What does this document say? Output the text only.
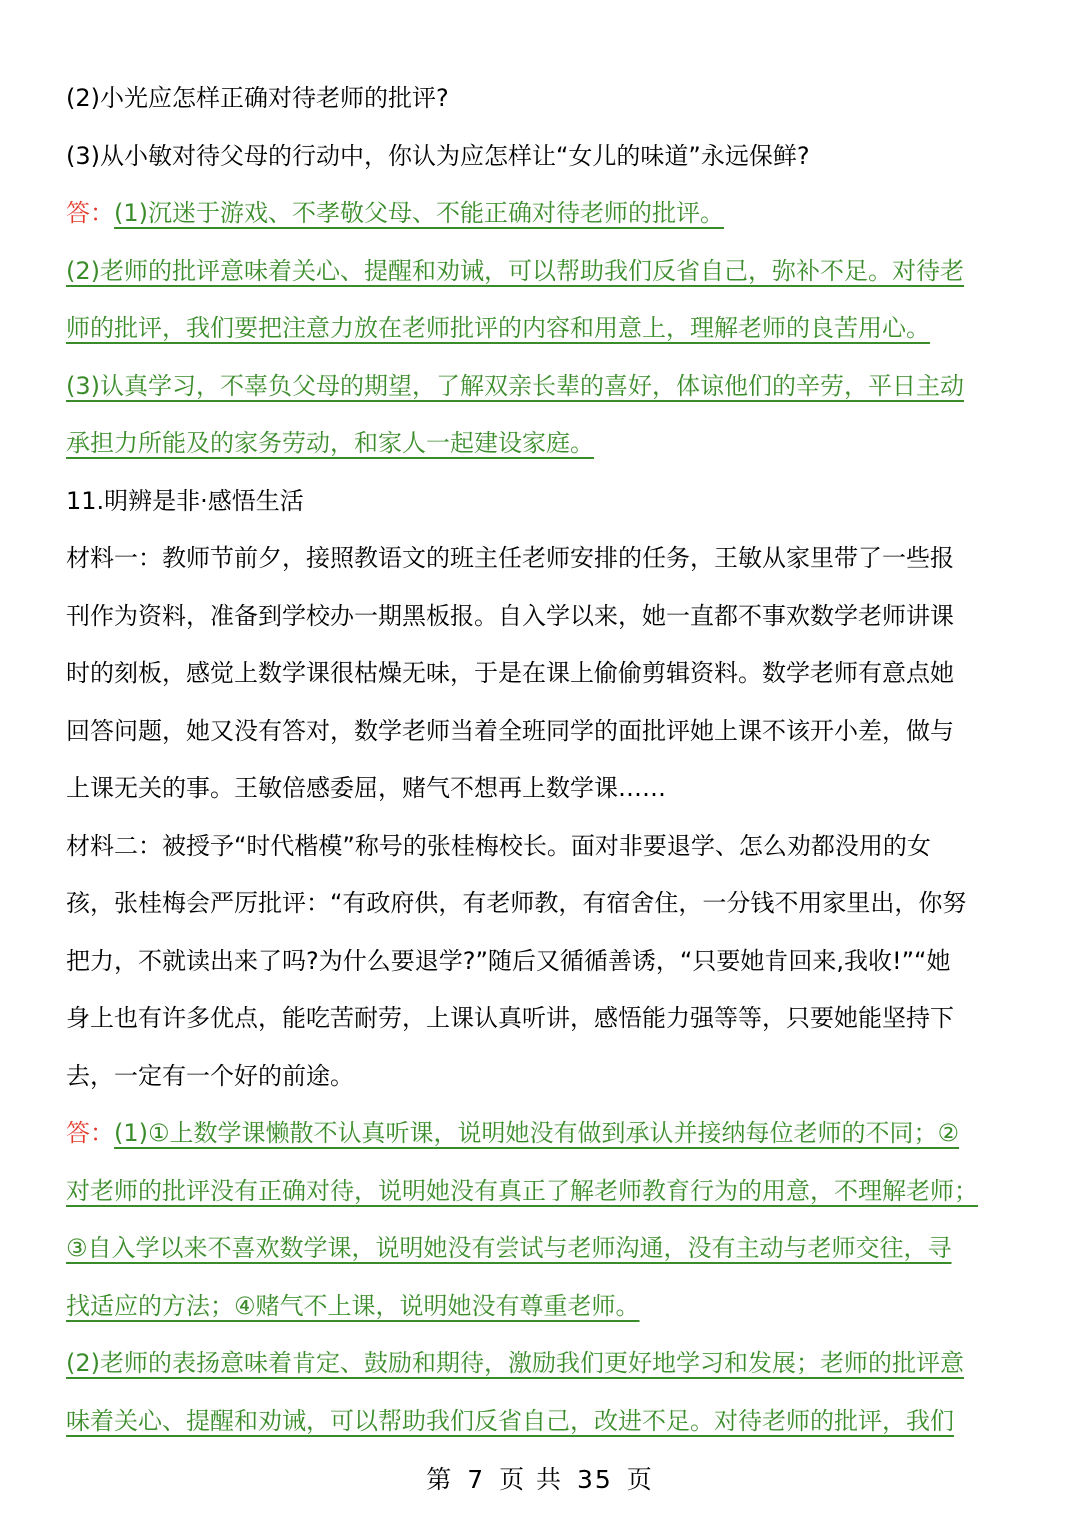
(2)小光应怎样正确对待老师的批评?
(3)从小敏对待父母的行动中，你认为应怎样让“女儿的味道”永远保鲜?
答：(1)沉迷于游戏、不孝敬父母、不能正确对待老师的批评。
(2)老师的批评意味着关心、提醒和劝诫，可以帮助我们反省自己，弥补不足。对待老
师的批评，我们要把注意力放在老师批评的内容和用意上，理解老师的良苦用心。
(3)认真学习，不辜负父母的期望，了解双亲长辈的喜好，体谅他们的辛劳，平日主动
承担力所能及的家务劳动，和家人一起建设家庭。
11.明辨是非·感悟生活
材料一：教师节前夕，接照教语文的班主任老师安排的任务，王敏从家里带了一些报
刊作为资料，准备到学校办一期黑板报。自入学以来，她一直都不事欢数学老师讲课
时的刻板，感觉上数学课很枯燥无味，于是在课上偷偷剪辑资料。数学老师有意点她
回答问题，她又没有答对，数学老师当着全班同学的面批评她上课不该开小差，做与
上课无关的事。王敏倍感委屈，赌气不想再上数学课……
材料二：被授予“时代楷模”称号的张桂梅校长。面对非要退学、怎么劝都没用的女
孩，张桂梅会严厉批评：“有政府供，有老师教，有宿舍住，一分钱不用家里出，你努
把力，不就读出来了吗?为什么要退学?”随后又循循善诱，“只要她肯回来,我收!”“她
身上也有许多优点，能吃苦耐劳，上课认真听讲，感悟能力强等等，只要她能坚持下
去，一定有一个好的前途。
答：(1)①上数学课懒散不认真听课，说明她没有做到承认并接纳每位老师的不同；②
对老师的批评没有正确对待，说明她没有真正了解老师教育行为的用意，不理解老师；
③自入学以来不喜欢数学课，说明她没有尝试与老师沟通，没有主动与老师交往，寻
找适应的方法；④赌气不上课，说明她没有尊重老师。
(2)老师的表扬意味着肯定、鼓励和期待，激励我们更好地学习和发展；老师的批评意
味着关心、提醒和劝诫，可以帮助我们反省自己，改进不足。对待老师的批评，我们
第 7 页 共 35 页
